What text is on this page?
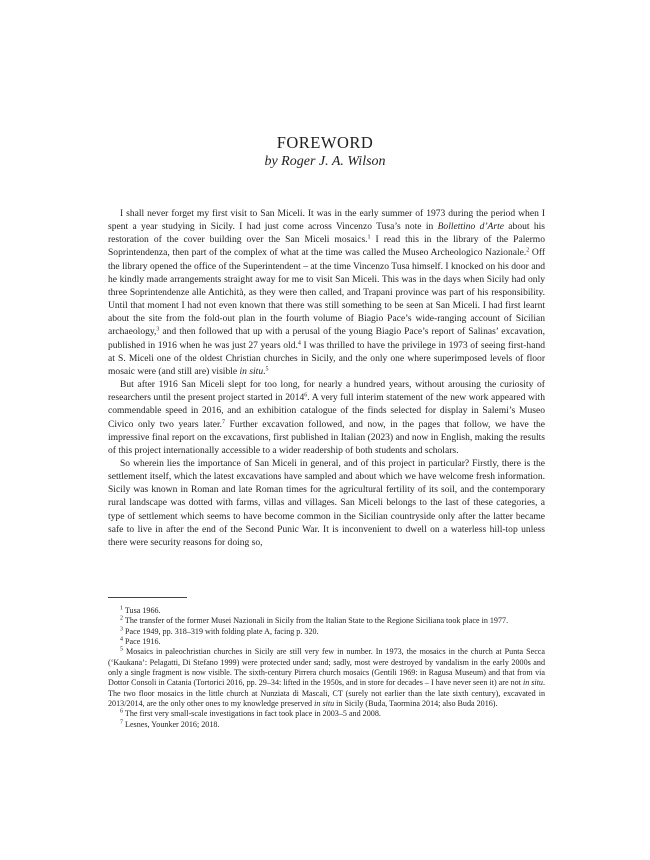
FOREWORD
by Roger J. A. Wilson

I shall never forget my first visit to San Miceli. It was in the early summer of 1973 during the period when I spent a year studying in Sicily. I had just come across Vincenzo Tusa’s note in Bollettino d’Arte about his restoration of the cover building over the San Miceli mosaics.$^1$ I read this in the library of the Palermo Soprintendenza, then part of the complex of what at the time was called the Museo Archeologico Nazionale.$^2$ Off the library opened the office of the Superintendent – at the time Vincenzo Tusa himself. I knocked on his door and he kindly made arrangements straight away for me to visit San Miceli. This was in the days when Sicily had only three Soprintendenze alle Antichità, as they were then called, and Trapani province was part of his responsibility. Until that moment I had not even known that there was still something to be seen at San Miceli. I had first learnt about the site from the fold-out plan in the fourth volume of Biagio Pace’s wide-ranging account of Sicilian archaeology,$^3$ and then followed that up with a perusal of the young Biagio Pace’s report of Salinas’ excavation, published in 1916 when he was just 27 years old.$^4$ I was thrilled to have the privilege in 1973 of seeing first-hand at S. Miceli one of the oldest Christian churches in Sicily, and the only one where superimposed levels of floor mosaic were (and still are) visible in situ.$^5$

But after 1916 San Miceli slept for too long, for nearly a hundred years, without arousing the curiosity of researchers until the present project started in 2014$^6$. A very full interim statement of the new work appeared with commendable speed in 2016, and an exhibition catalogue of the finds selected for display in Salemi’s Museo Civico only two years later.$^7$ Further excavation followed, and now, in the pages that follow, we have the impressive final report on the excavations, first published in Italian (2023) and now in English, making the results of this project internationally accessible to a wider readership of both students and scholars.

So wherein lies the importance of San Miceli in general, and of this project in particular? Firstly, there is the settlement itself, which the latest excavations have sampled and about which we have welcome fresh information. Sicily was known in Roman and late Roman times for the agricultural fertility of its soil, and the contemporary rural landscape was dotted with farms, villas and villages. San Miceli belongs to the last of these categories, a type of settlement which seems to have become common in the Sicilian countryside only after the latter became safe to live in after the end of the Second Punic War. It is inconvenient to dwell on a waterless hill-top unless there were security reasons for doing so,

$^1$ Tusa 1966.

$^2$ The transfer of the former Musei Nazionali in Sicily from the Italian State to the Regione Siciliana took place in 1977.

$^3$ Pace 1949, pp. 318–319 with folding plate A, facing p. 320.

$^4$ Pace 1916.

$^5$ Mosaics in paleochristian churches in Sicily are still very few in number. In 1973, the mosaics in the church at Punta Secca (‘Kaukana’: Pelagatti, Di Stefano 1999) were protected under sand; sadly, most were destroyed by vandalism in the early 2000s and only a single fragment is now visible. The sixth-century Pirrera church mosaics (Gentili 1969: in Ragusa Museum) and that from via Dottor Consoli in Catania (Tortorici 2016, pp. 29–34: lifted in the 1950s, and in store for decades – I have never seen it) are not in situ. The two floor mosaics in the little church at Nunziata di Mascali, CT (surely not earlier than the late sixth century), excavated in 2013/2014, are the only other ones to my knowledge preserved in situ in Sicily (Buda, Taormina 2014; also Buda 2016).

$^6$ The first very small-scale investigations in fact took place in 2003–5 and 2008.

$^7$ Lesnes, Younker 2016; 2018.
